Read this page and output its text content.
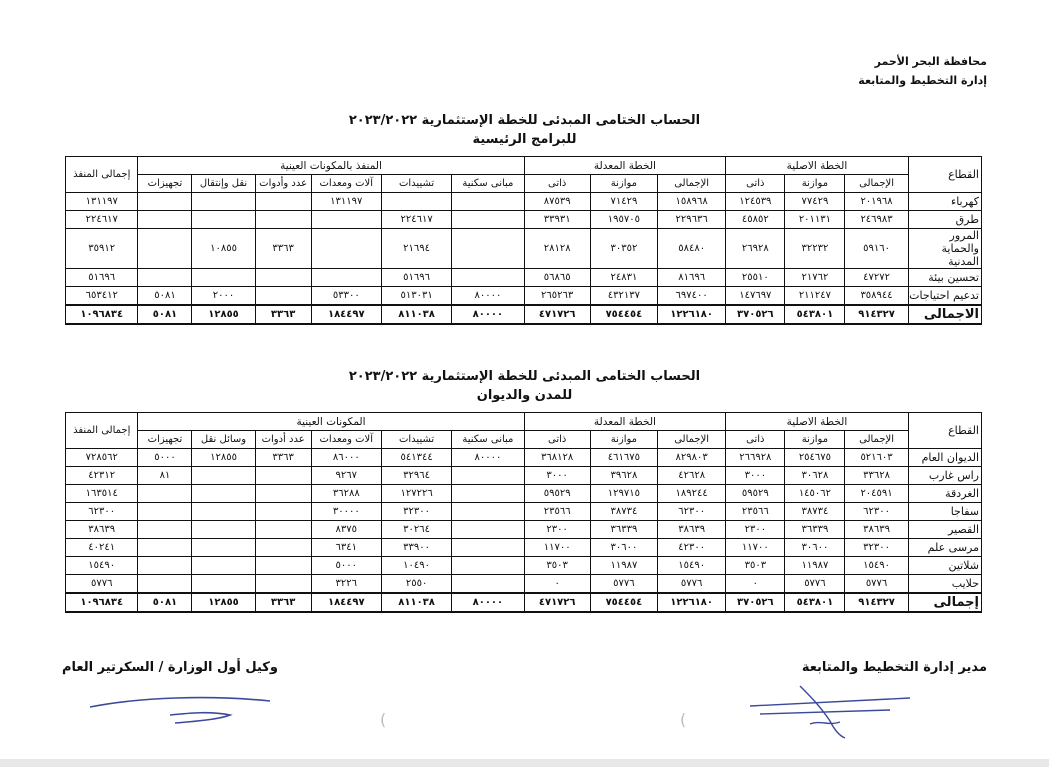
محافظة البحر الأحمر
إدارة التخطيط والمتابعة
الحساب الختامى المبدئى للخطة الإستثمارية ٢٠٢٣/٢٠٢٢
للبرامج الرئيسية
القطاع	الخطة الاصلية			الخطة المعدلة			المنفذ بالمكونات العينية						إجمالى المنفذ
	الإجمالى	موازنة	ذاتى	الإجمالى	موازنة	ذاتى	مبانى سكنية	تشييدات	آلات ومعدات	عدد وأدوات	نقل وإنتقال	تجهيزات	
كهرباء	٢٠١٩٦٨	٧٧٤٢٩	١٢٤٥٣٩	١٥٨٩٦٨	٧١٤٢٩	٨٧٥٣٩			١٣١١٩٧				١٣١١٩٧
طرق	٢٤٦٩٨٣	٢٠١١٣١	٤٥٨٥٢	٢٢٩٦٣٦	١٩٥٧٠٥	٣٣٩٣١		٢٢٤٦١٧					٢٢٤٦١٧
المرور والحماية المدنية	٥٩١٦٠	٣٢٢٣٢	٢٦٩٢٨	٥٨٤٨٠	٣٠٣٥٢	٢٨١٢٨		٢١٦٩٤		٣٣٦٣	١٠٨٥٥		٣٥٩١٢
تحسين بيئة	٤٧٢٧٢	٢١٧٦٢	٢٥٥١٠	٨١٦٩٦	٢٤٨٣١	٥٦٨٦٥		٥١٦٩٦					٥١٦٩٦
تدعيم احتياجات	٣٥٨٩٤٤	٢١١٢٤٧	١٤٧٦٩٧	٦٩٧٤٠٠	٤٣٢١٣٧	٢٦٥٢٦٣	٨٠٠٠٠	٥١٣٠٣١	٥٣٣٠٠		٢٠٠٠	٥٠٨١	٦٥٣٤١٢
الاجمالى	٩١٤٣٢٧	٥٤٣٨٠١	٣٧٠٥٢٦	١٢٢٦١٨٠	٧٥٤٤٥٤	٤٧١٧٢٦	٨٠٠٠٠	٨١١٠٣٨	١٨٤٤٩٧	٣٣٦٣	١٢٨٥٥	٥٠٨١	١٠٩٦٨٣٤
الحساب الختامى المبدئى للخطة الإستثمارية ٢٠٢٣/٢٠٢٢
للمدن والديوان
القطاع	الخطة الاصلية			الخطة المعدلة			المكونات العينية						إجمالى المنفذ
	الإجمالى	موازنة	ذاتى	الإجمالى	موازنة	ذاتى	مبانى سكنية	تشييدات	آلات ومعدات	عدد أدوات	وسائل نقل	تجهيزات	
الديوان العام	٥٢١٦٠٣	٢٥٤٦٧٥	٢٦٦٩٢٨	٨٢٩٨٠٣	٤٦١٦٧٥	٣٦٨١٢٨	٨٠٠٠٠	٥٤١٣٤٤	٨٦٠٠٠	٣٣٦٣	١٢٨٥٥	٥٠٠٠	٧٢٨٥٦٢
راس غارب	٣٣٦٢٨	٣٠٦٢٨	٣٠٠٠	٤٢٦٢٨	٣٩٦٢٨	٣٠٠٠		٣٢٩٦٤	٩٢٦٧			٨١	٤٢٣١٢
الغردقة	٢٠٤٥٩١	١٤٥٠٦٢	٥٩٥٢٩	١٨٩٢٤٤	١٢٩٧١٥	٥٩٥٢٩		١٢٧٢٢٦	٣٦٢٨٨				١٦٣٥١٤
سفاجا	٦٢٣٠٠	٣٨٧٣٤	٢٣٥٦٦	٦٢٣٠٠	٣٨٧٣٤	٢٣٥٦٦		٣٢٣٠٠	٣٠٠٠٠				٦٢٣٠٠
القصير	٣٨٦٣٩	٣٦٣٣٩	٢٣٠٠	٣٨٦٣٩	٣٦٣٣٩	٢٣٠٠		٣٠٢٦٤	٨٣٧٥				٣٨٦٣٩
مرسى علم	٣٢٣٠٠	٣٠٦٠٠	١١٧٠٠	٤٢٣٠٠	٣٠٦٠٠	١١٧٠٠		٣٣٩٠٠	٦٣٤١				٤٠٢٤١
شلاتين	١٥٤٩٠	١١٩٨٧	٣٥٠٣	١٥٤٩٠	١١٩٨٧	٣٥٠٣		١٠٤٩٠	٥٠٠٠				١٥٤٩٠
حلايب	٥٧٧٦	٥٧٧٦	٠	٥٧٧٦	٥٧٧٦	٠		٢٥٥٠	٣٢٢٦				٥٧٧٦
إجمالى	٩١٤٣٢٧	٥٤٣٨٠١	٣٧٠٥٢٦	١٢٢٦١٨٠	٧٥٤٤٥٤	٤٧١٧٢٦	٨٠٠٠٠	٨١١٠٣٨	١٨٤٤٩٧	٣٣٦٣	١٢٨٥٥	٥٠٨١	١٠٩٦٨٣٤
وكيل أول الوزارة / السكرتير العام	مدير إدارة التخطيط والمتابعة
(	(
